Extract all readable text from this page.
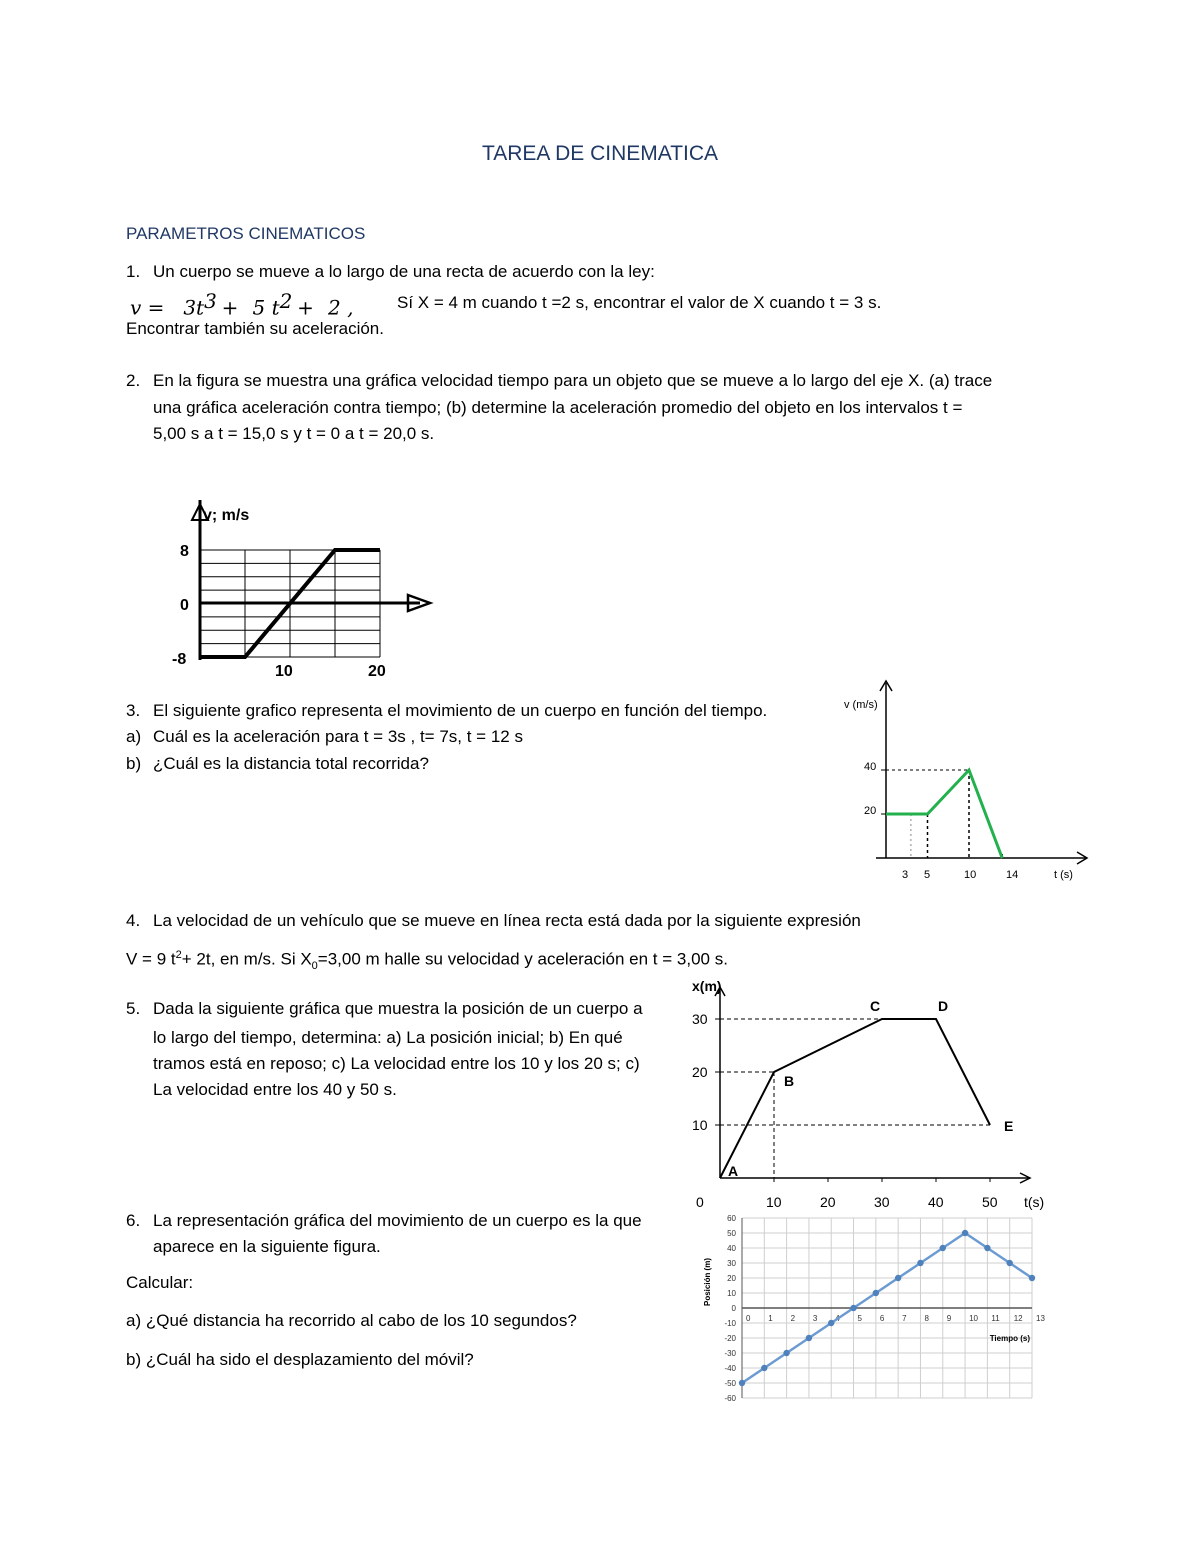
TAREA DE CINEMATICA
PARAMETROS CINEMATICOS
1. Un cuerpo se mueve a lo largo de una recta de acuerdo con la ley:
$v = 3t^3 + 5$ $t^2 + 2$ ,	Sí X = 4 m cuando t =2 s, encontrar el valor de X cuando t = 3 s.
Encontrar también su aceleración.
2. En la figura se muestra una gráfica velocidad tiempo para un objeto que se mueve a lo largo del eje X. (a) trace
una gráfica aceleración contra tiempo; (b) determine la aceleración promedio del objeto en los intervalos t =
5,00 s a t = 15,0 s y t = 0 a t = 20,0 s.
v; m/s
8
0
-8
10	20
3. El siguiente grafico representa el movimiento de un cuerpo en función del tiempo.
a) Cuál es la aceleración para t = 3s , t= 7s, t = 12 s
b) ¿Cuál es la distancia total recorrida?
v (m/s)
t (s)
40
20
3 5	10	14
4. La velocidad de un vehículo que se mueve en línea recta está dada por la siguiente expresión
V = 9 $t^2+ 2t$, en m/s. Si $X_0=3,00$ m halle su velocidad y aceleración en t = 3,00 s.
5. Dada la siguiente gráfica que muestra la posición de un cuerpo a
lo largo del tiempo, determina: a) La posición inicial; b) En qué
tramos está en reposo; c) La velocidad entre los 10 y los 20 s; c)
La velocidad entre los 40 y 50 s.
A
B
C	D
E
x(m)
t(s)
30
20
10
0	10	20	30	40	50
6. La representación gráfica del movimiento de un cuerpo es la que
aparece en la siguiente figura.
Calcular:
a) ¿Qué distancia ha recorrido al cabo de los 10 segundos?
b) ¿Cuál ha sido el desplazamiento del móvil?
60
50
40
30
20
10
0
-10
-20
-30
-40
-50
-60
0 1 2 3 4 5 6 7 8 9 10 11 12 13
Posición (m)
Tiempo (s)
